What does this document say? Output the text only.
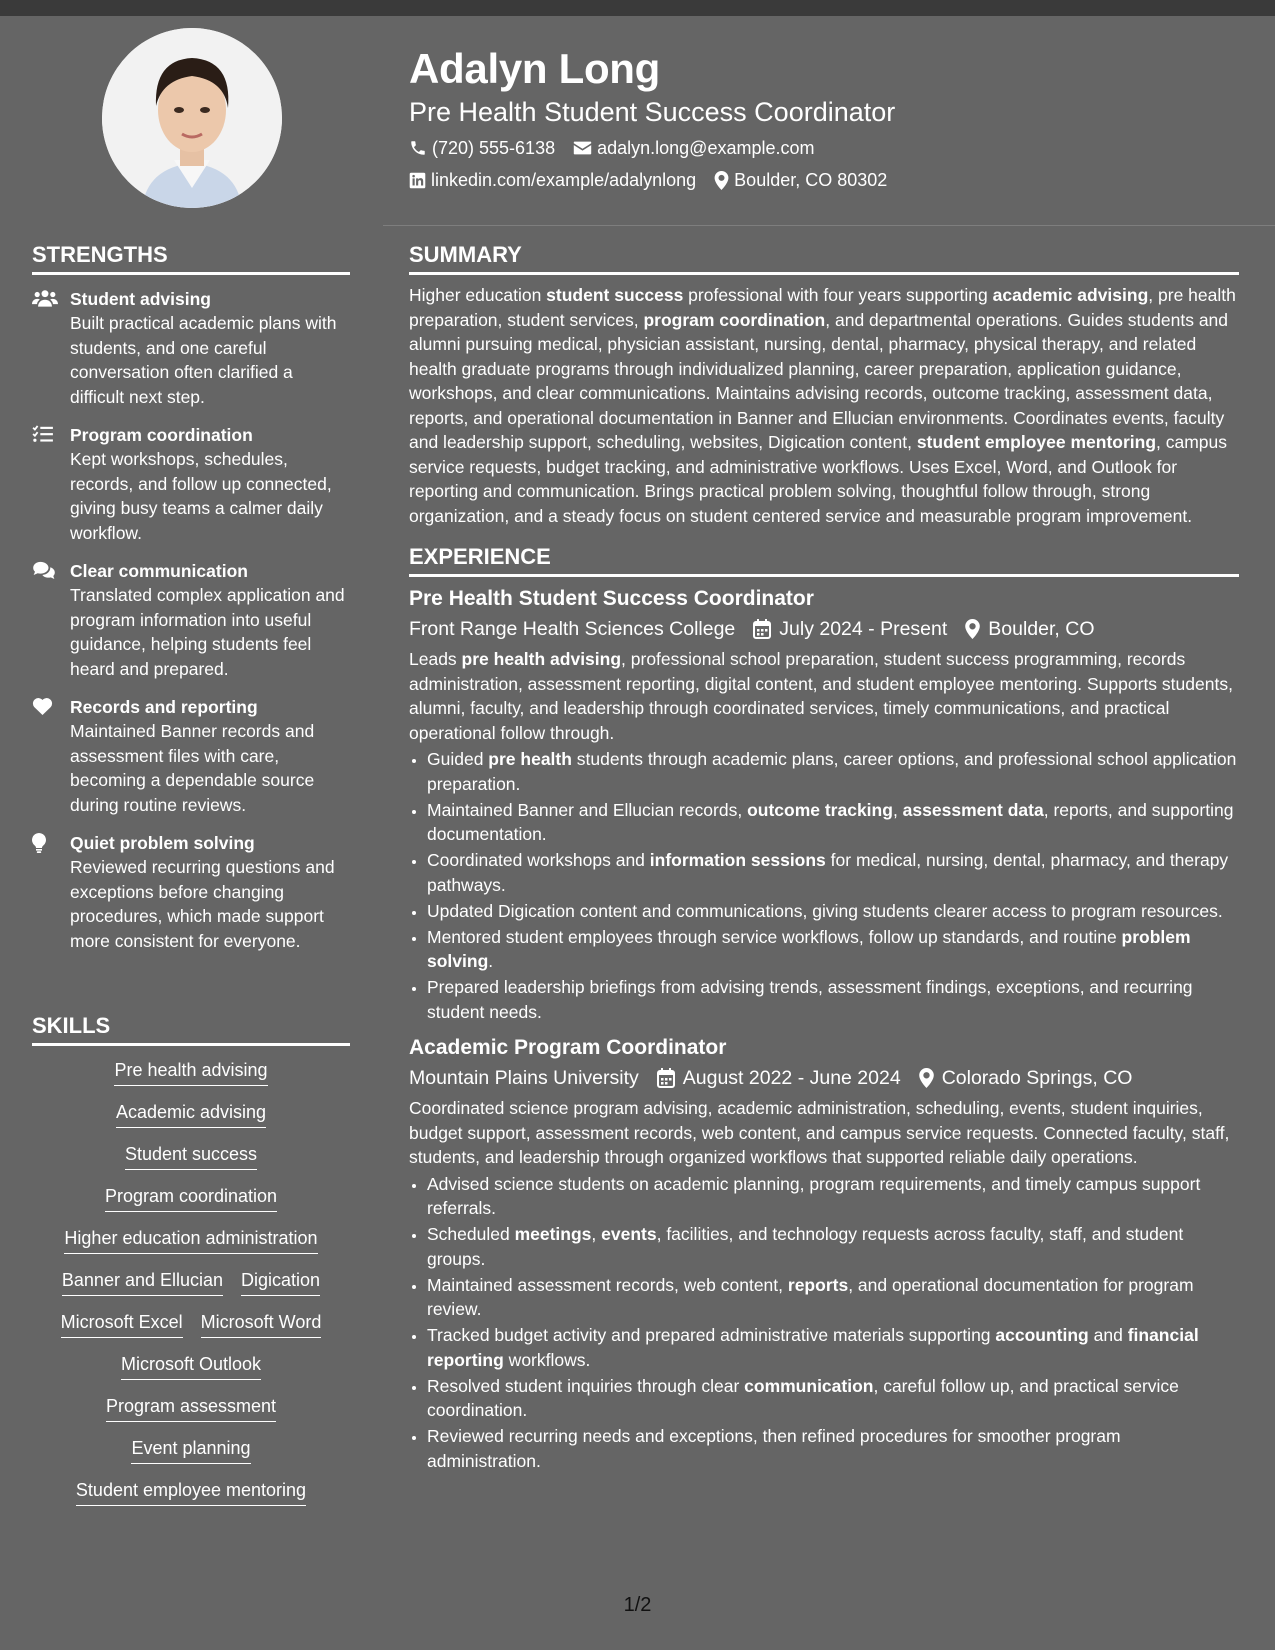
Adalyn Long
Pre Health Student Success Coordinator
(720) 555-6138 adalyn.long@example.com
linkedin.com/example/adalynlong Boulder, CO 80302
STRENGTHS
Student advising
Built practical academic plans with students, and one careful conversation often clarified a difficult next step.
Program coordination
Kept workshops, schedules, records, and follow up connected, giving busy teams a calmer daily workflow.
Clear communication
Translated complex application and program information into useful guidance, helping students feel heard and prepared.
Records and reporting
Maintained Banner records and assessment files with care, becoming a dependable source during routine reviews.
Quiet problem solving
Reviewed recurring questions and exceptions before changing procedures, which made support more consistent for everyone.
SKILLS
Pre health advising
Academic advising
Student success
Program coordination
Higher education administration
Banner and Ellucian Digication
Microsoft Excel Microsoft Word
Microsoft Outlook
Program assessment
Event planning
Student employee mentoring
SUMMARY
Higher education student success professional with four years supporting academic advising, pre health preparation, student services, program coordination, and departmental operations. Guides students and alumni pursuing medical, physician assistant, nursing, dental, pharmacy, physical therapy, and related health graduate programs through individualized planning, career preparation, application guidance, workshops, and clear communications. Maintains advising records, outcome tracking, assessment data, reports, and operational documentation in Banner and Ellucian environments. Coordinates events, faculty and leadership support, scheduling, websites, Digication content, student employee mentoring, campus service requests, budget tracking, and administrative workflows. Uses Excel, Word, and Outlook for reporting and communication. Brings practical problem solving, thoughtful follow through, strong organization, and a steady focus on student centered service and measurable program improvement.
EXPERIENCE
Pre Health Student Success Coordinator
Front Range Health Sciences College July 2024 - Present Boulder, CO
Leads pre health advising, professional school preparation, student success programming, records administration, assessment reporting, digital content, and student employee mentoring. Supports students, alumni, faculty, and leadership through coordinated services, timely communications, and practical operational follow through.
• Guided pre health students through academic plans, career options, and professional school application preparation.
• Maintained Banner and Ellucian records, outcome tracking, assessment data, reports, and supporting documentation.
• Coordinated workshops and information sessions for medical, nursing, dental, pharmacy, and therapy pathways.
• Updated Digication content and communications, giving students clearer access to program resources.
• Mentored student employees through service workflows, follow up standards, and routine problem solving.
• Prepared leadership briefings from advising trends, assessment findings, exceptions, and recurring student needs.
Academic Program Coordinator
Mountain Plains University August 2022 - June 2024 Colorado Springs, CO
Coordinated science program advising, academic administration, scheduling, events, student inquiries, budget support, assessment records, web content, and campus service requests. Connected faculty, staff, students, and leadership through organized workflows that supported reliable daily operations.
• Advised science students on academic planning, program requirements, and timely campus support referrals.
• Scheduled meetings, events, facilities, and technology requests across faculty, staff, and student groups.
• Maintained assessment records, web content, reports, and operational documentation for program review.
• Tracked budget activity and prepared administrative materials supporting accounting and financial reporting workflows.
• Resolved student inquiries through clear communication, careful follow up, and practical service coordination.
• Reviewed recurring needs and exceptions, then refined procedures for smoother program administration.
1/2
